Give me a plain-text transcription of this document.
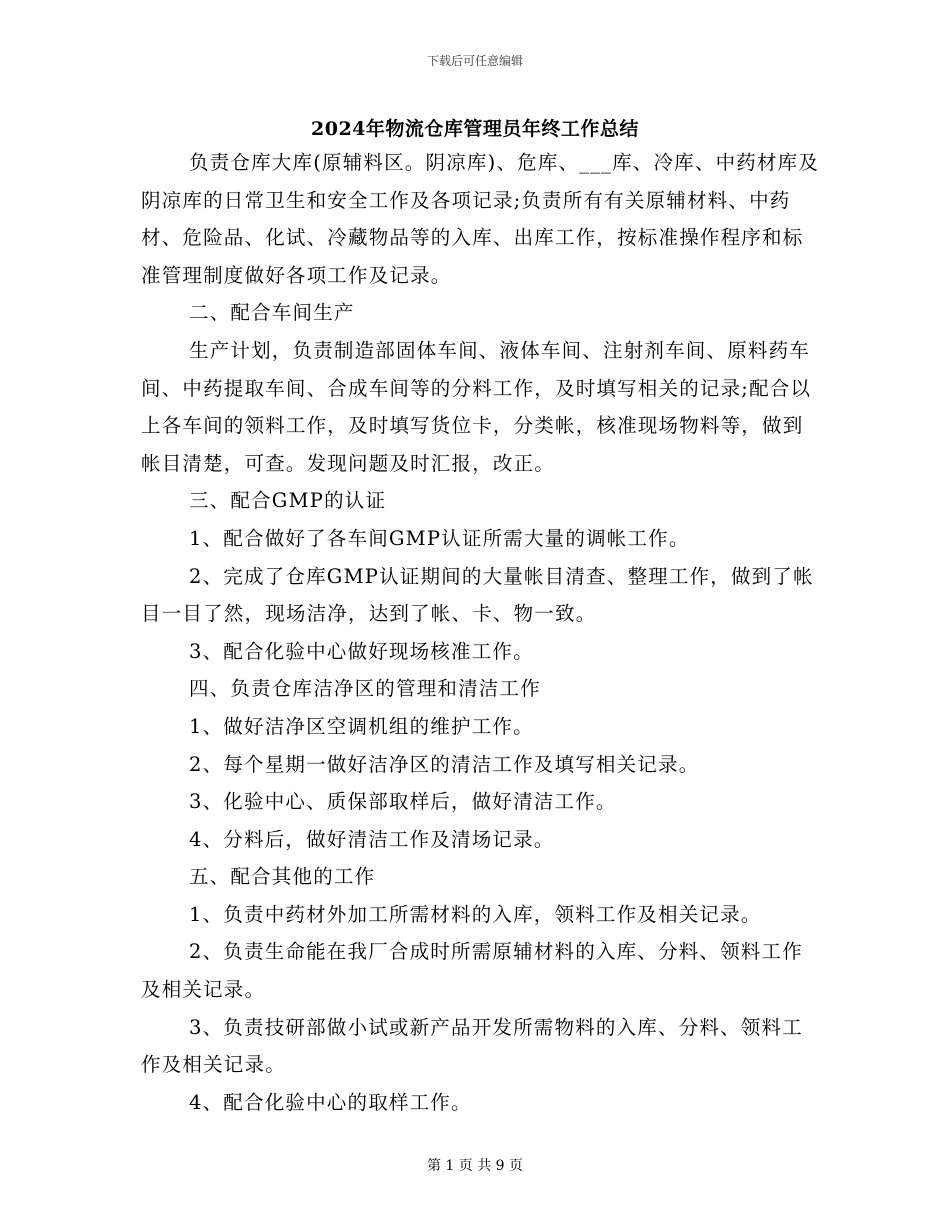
下载后可任意编辑
2024年物流仓库管理员年终工作总结

负责仓库大库(原辅料区。阴凉库)、危库、___库、冷库、中药材库及阴凉库的日常卫生和安全工作及各项记录;负责所有有关原辅材料、中药材、危险品、化试、冷藏物品等的入库、出库工作，按标准操作程序和标准管理制度做好各项工作及记录。

二、配合车间生产

生产计划，负责制造部固体车间、液体车间、注射剂车间、原料药车间、中药提取车间、合成车间等的分料工作，及时填写相关的记录;配合以上各车间的领料工作，及时填写货位卡，分类帐，核准现场物料等，做到帐目清楚，可查。发现问题及时汇报，改正。

三、配合GMP的认证

1、配合做好了各车间GMP认证所需大量的调帐工作。

2、完成了仓库GMP认证期间的大量帐目清查、整理工作，做到了帐目一目了然，现场洁净，达到了帐、卡、物一致。

3、配合化验中心做好现场核准工作。

四、负责仓库洁净区的管理和清洁工作

1、做好洁净区空调机组的维护工作。

2、每个星期一做好洁净区的清洁工作及填写相关记录。

3、化验中心、质保部取样后，做好清洁工作。

4、分料后，做好清洁工作及清场记录。

五、配合其他的工作

1、负责中药材外加工所需材料的入库，领料工作及相关记录。

2、负责生命能在我厂合成时所需原辅材料的入库、分料、领料工作及相关记录。

3、负责技研部做小试或新产品开发所需物料的入库、分料、领料工作及相关记录。

4、配合化验中心的取样工作。

第 1 页 共 9 页
